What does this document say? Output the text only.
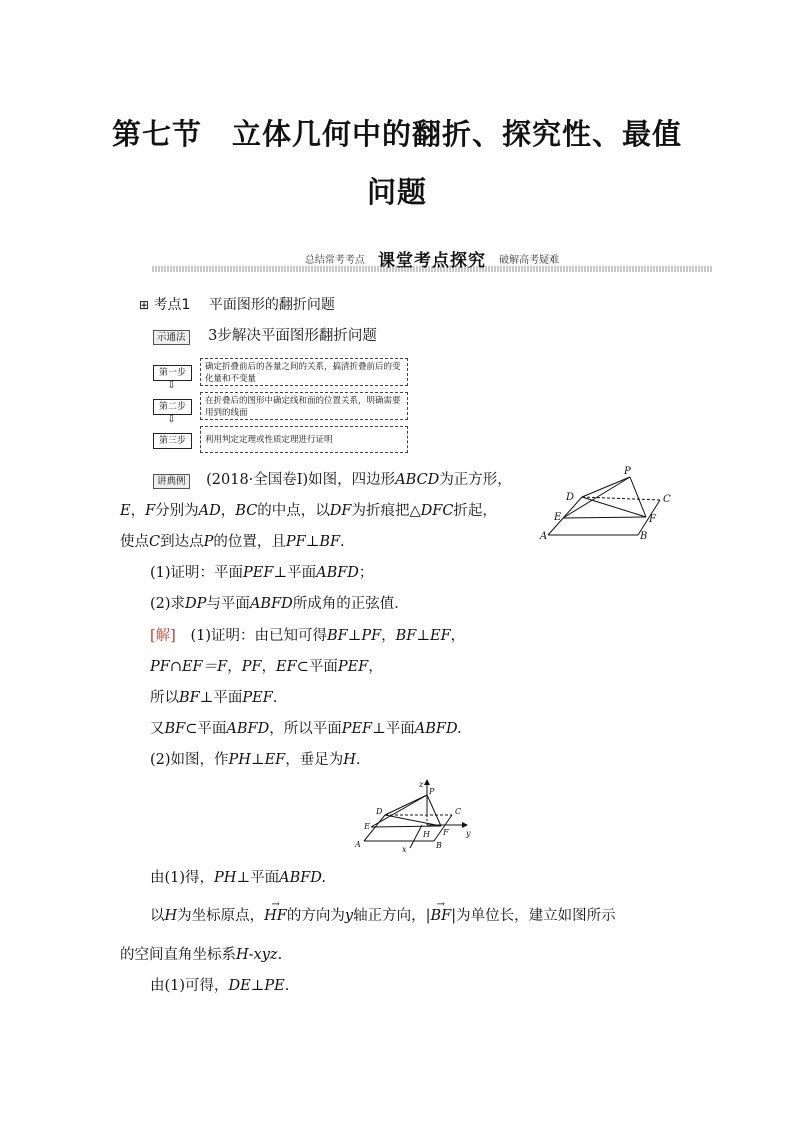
第七节　立体几何中的翻折、探究性、最值
问题
总结常考考点 课堂考点探究 破解高考疑难
⊞ 考点1　 平面图形的翻折问题
示通法 3步解决平面图形翻折问题
第一步
确定折叠前后的各量之间的关系，搞清折叠前后的变化量和不变量
⇩
第二步
在折叠后的图形中确定线和面的位置关系，明确需要用到的线面
⇩
第三步	利用判定定理或性质定理进行证明
讲典例 (2018·全国卷Ⅰ)如图，四边形ABCD为正方形，
E，F分别为AD，BC的中点，以DF为折痕把△DFC折起，
使点C到达点P的位置，且PF⊥BF.
P
D	C
E	F
A	B
(1)证明：平面PEF⊥平面ABFD；
(2)求DP与平面ABFD所成角的正弦值．
[解] (1)证明：由已知可得BF⊥PF，BF⊥EF，
PF∩EF＝F，PF，EF⊂平面PEF，
所以BF⊥平面PEF.
又BF⊂平面ABFD，所以平面PEF⊥平面ABFD.
(2)如图，作PH⊥EF，垂足为H.
z
P
D	C
E
H F y
A	B
x
由(1)得，PH⊥平面ABFD.
以H为坐标原点，→ HF的方向为y轴正方向，|→ BF|为单位长，建立如图所示
的空间直角坐标系H-xyz.
由(1)可得，DE⊥PE.
